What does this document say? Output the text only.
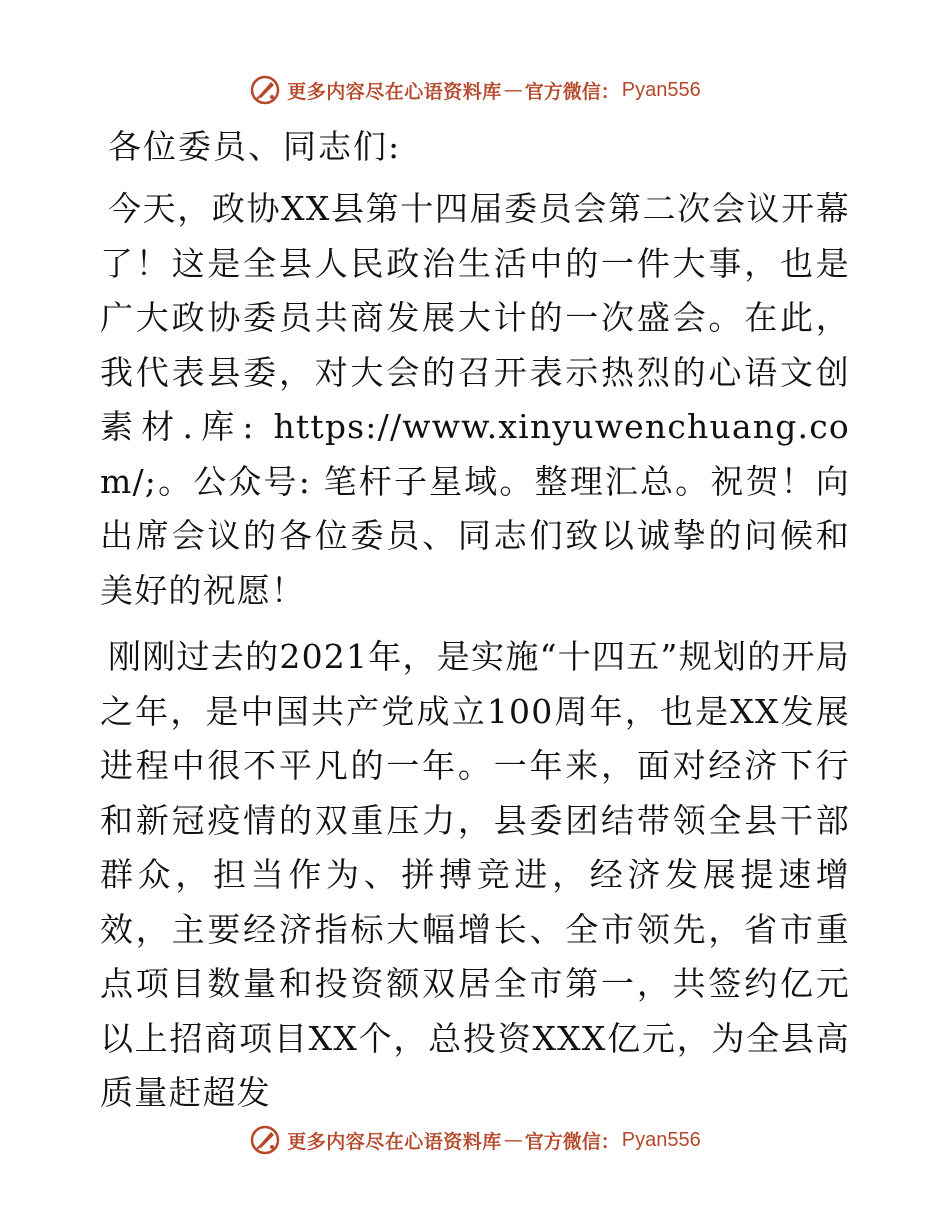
更多内容尽在心语资料库 — 官方微信： Pyan556
各位委员、同志们:

今天，政协XX县第十四届委员会第二次会议开幕了！这是全县人民政治生活中的一件大事，也是广大政协委员共商发展大计的一次盛会。在此，我代表县委，对大会的召开表示热烈的心语文创素材.库: https://www.xinyuwenchuang.com/;。公众号: 笔杆子星域。整理汇总。祝贺！向出席会议的各位委员、同志们致以诚挚的问候和美好的祝愿！

刚刚过去的2021年，是实施“十四五”规划的开局之年，是中国共产党成立100周年，也是XX发展进程中很不平凡的一年。一年来，面对经济下行和新冠疫情的双重压力，县委团结带领全县干部群众，担当作为、拼搏竞进，经济发展提速增效，主要经济指标大幅增长、全市领先，省市重点项目数量和投资额双居全市第一，共签约亿元以上招商项目XX个，总投资XXX亿元，为全县高质量赶超发

更多内容尽在心语资料库 — 官方微信： Pyan556
